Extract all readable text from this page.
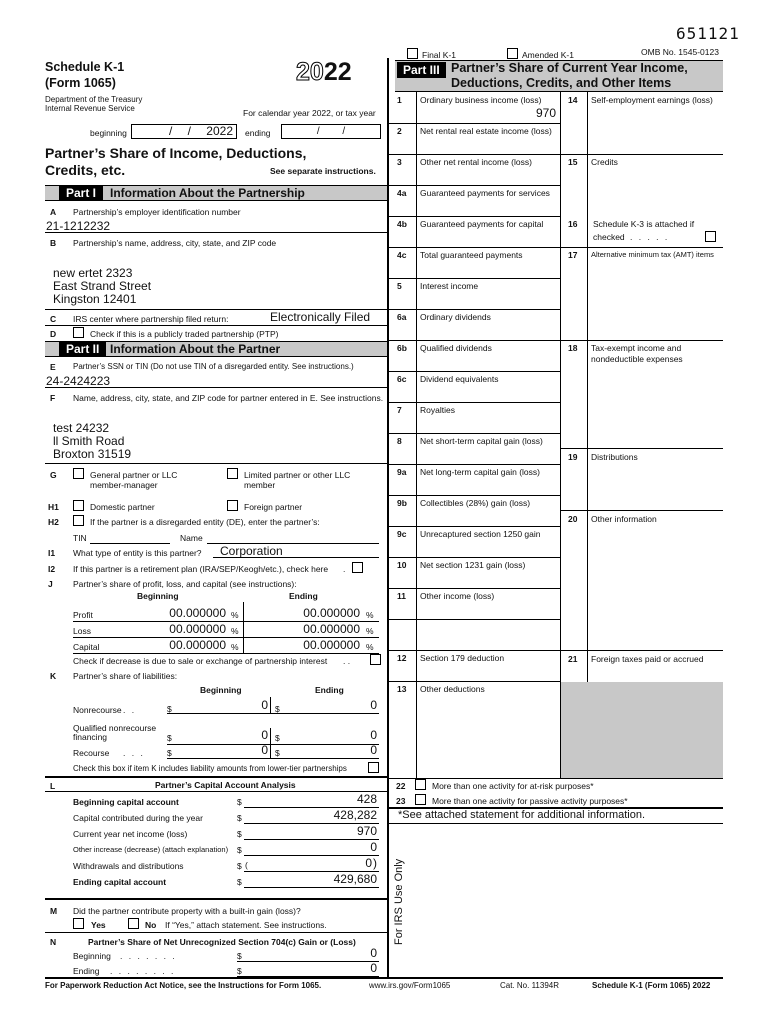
651121
OMB No. 1545-0123
Final K-1	Amended K-1
Schedule K-1
(Form 1065)	2022
Department of the Treasury
Internal Revenue Service	For calendar year 2022, or tax year
beginning	/ / 2022	ending	/ /
Partner’s Share of Income, Deductions,
Credits, etc.	See separate instructions.
Part I	Information About the Partnership
A Partnership’s employer identification number
21-1212232
B Partnership’s name, address, city, state, and ZIP code
new ertet 2323
East Strand Street
Kingston 12401
C IRS center where partnership filed return:	Electronically Filed
D	Check if this is a publicly traded partnership (PTP)
Part II Information About the Partner
E Partner’s SSN or TIN (Do not use TIN of a disregarded entity. See instructions.)
24-2424223
F Name, address, city, state, and ZIP code for partner entered in E. See instructions.
test 24232
ll Smith Road
Broxton 31519
G	General partner or LLC
member-manager
Limited partner or other LLC
member
H1	Domestic partner	Foreign partner
H2	If the partner is a disregarded entity (DE), enter the partner’s:
TIN	Name
I1 What type of entity is this partner? Corporation
I2 If this partner is a retirement plan (IRA/SEP/Keogh/etc.), check here .
J Partner’s share of profit, loss, and capital (see instructions):
Beginning	Ending
Profit	00.000000 %	00.000000 %
Loss	00.000000 %	00.000000 %
Capital	00.000000 %	00.000000 %
Check if decrease is due to sale or exchange of partnership interest . .
K Partner’s share of liabilities:
Beginning	Ending
Nonrecourse . .	$	0 $	0
Qualified nonrecourse
financing	$	0 $	0
Recourse . . .	$	0 $	0
Check this box if item K includes liability amounts from lower-tier partnerships
L	Partner’s Capital Account Analysis
Beginning capital account	$	428
Capital contributed during the year	$	428,282
Current year net income (loss)	$	970
Other increase (decrease) (attach explanation) $	0
Withdrawals and distributions	$ (	0 )
Ending capital account	$	429,680
M Did the partner contribute property with a built-in gain (loss)?
Yes	No If “Yes,” attach statement. See instructions.
N	Partner’s Share of Net Unrecognized Section 704(c) Gain or (Loss)
Beginning . . . . . . .	$	0
Ending . . . . . . . .	$	0
Part III Partner’s Share of Current Year Income,
Deductions, Credits, and Other Items
1 Ordinary business income (loss)
970
2 Net rental real estate income (loss)
3 Other net rental income (loss)
4a Guaranteed payments for services
4b Guaranteed payments for capital
4c Total guaranteed payments
5 Interest income
6a Ordinary dividends
6b Qualified dividends
6c Dividend equivalents
7 Royalties
8 Net short-term capital gain (loss)
9a Net long-term capital gain (loss)
9b Collectibles (28%) gain (loss)
9c Unrecaptured section 1250 gain
10 Net section 1231 gain (loss)
11 Other income (loss)
12 Section 179 deduction
13 Other deductions
14 Self-employment earnings (loss)
15 Credits
16 Schedule K-3 is attached if
checked . . . . .
17 Alternative minimum tax (AMT) items
18 Tax-exempt income and
nondeductible expenses
19 Distributions
20 Other information
21 Foreign taxes paid or accrued
22	More than one activity for at-risk purposes*
23	More than one activity for passive activity purposes*
*See attached statement for additional information.
For IRS Use Only
For Paperwork Reduction Act Notice, see the Instructions for Form 1065.	www.irs.gov/Form1065	Cat. No. 11394R	Schedule K-1 (Form 1065) 2022
